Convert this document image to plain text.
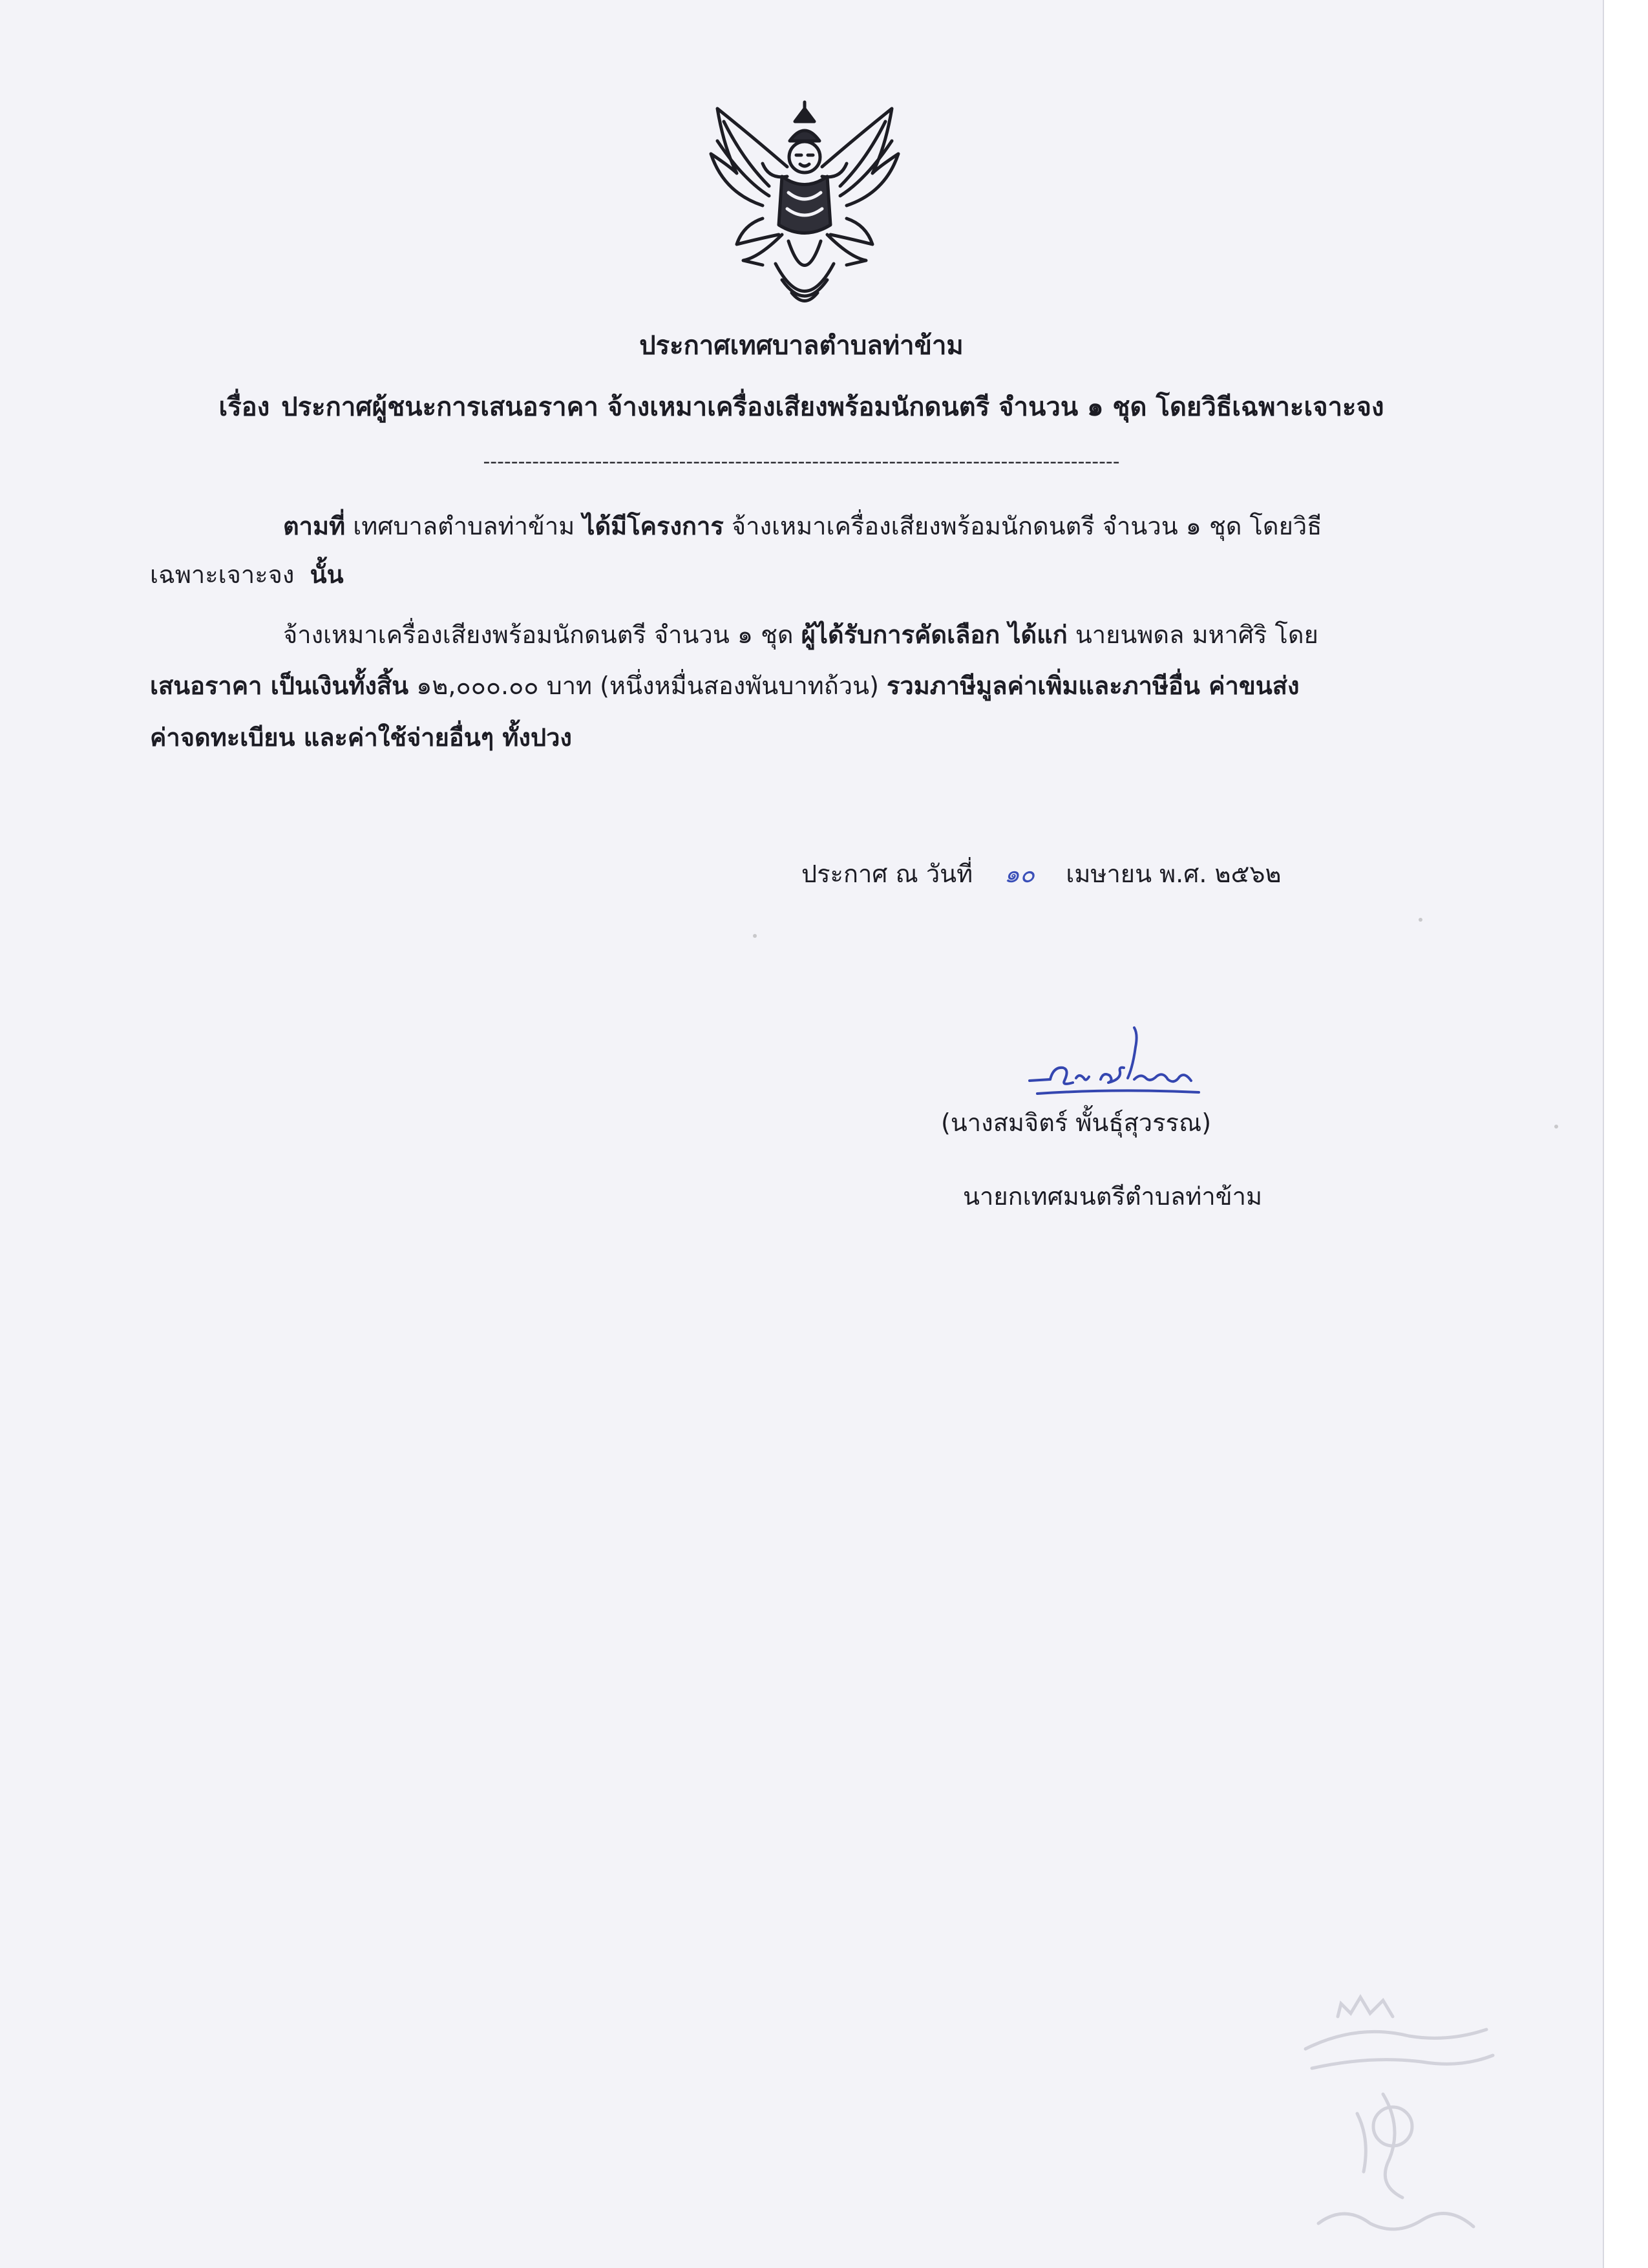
ประกาศเทศบาลตำบลท่าข้าม
เรื่อง ประกาศผู้ชนะการเสนอราคา จ้างเหมาเครื่องเสียงพร้อมนักดนตรี จำนวน ๑ ชุด โดยวิธีเฉพาะเจาะจง
-------------------------------------------------------------------------------------------
ตามที่ เทศบาลตำบลท่าข้าม ได้มีโครงการ จ้างเหมาเครื่องเสียงพร้อมนักดนตรี จำนวน ๑ ชุด โดยวิธี
เฉพาะเจาะจง นั้น
จ้างเหมาเครื่องเสียงพร้อมนักดนตรี จำนวน ๑ ชุด ผู้ได้รับการคัดเลือก ได้แก่ นายนพดล มหาศิริ โดย
เสนอราคา เป็นเงินทั้งสิ้น ๑๒,๐๐๐.๐๐ บาท (หนึ่งหมื่นสองพันบาทถ้วน) รวมภาษีมูลค่าเพิ่มและภาษีอื่น ค่าขนส่ง
ค่าจดทะเบียน และค่าใช้จ่ายอื่นๆ ทั้งปวง
ประกาศ ณ วันที่ ๑๐ เมษายน พ.ศ. ๒๕๖๒
(นางสมจิตร์ พั้นธุ์สุวรรณ)
นายกเทศมนตรีตำบลท่าข้าม
